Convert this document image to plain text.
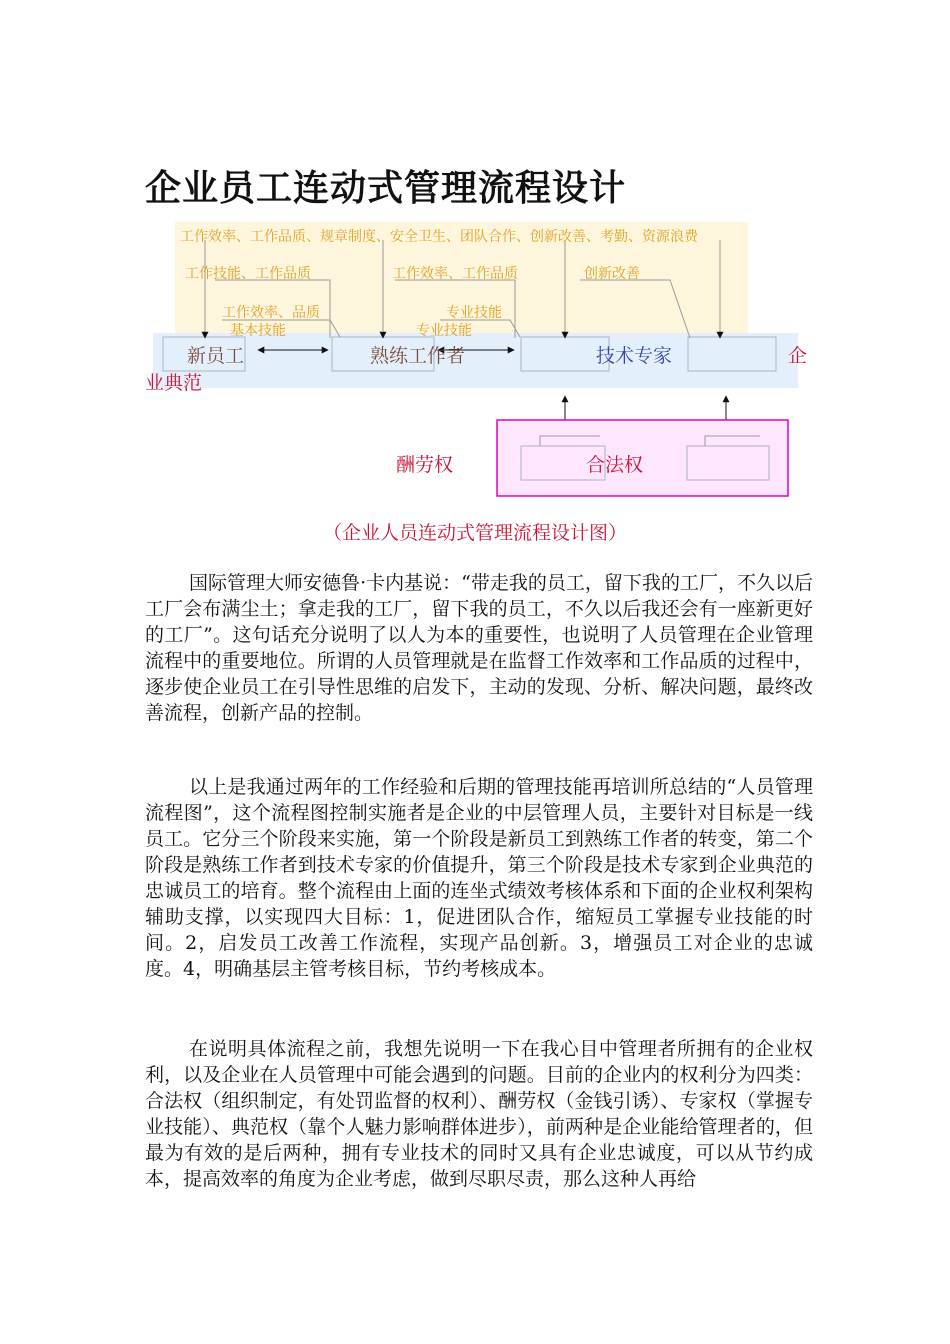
企业员工连动式管理流程设计
工作效率、工作品质、规章制度、安全卫生、团队合作、创新改善、考勤、资源浪费
工作技能、工作品质	工作效率、工作品质	创新改善
工作效率、品质
基本技能
专业技能
专业技能
新员工	熟练工作者	技术专家	企
业典范
酬劳权	合法权
（企业人员连动式管理流程设计图）

国际管理大师安德鲁·卡内基说：“带走我的员工，留下我的工厂，不久以后工厂会布满尘土；拿走我的工厂，留下我的员工，不久以后我还会有一座新更好的工厂”。这句话充分说明了以人为本的重要性，也说明了人员管理在企业管理流程中的重要地位。所谓的人员管理就是在监督工作效率和工作品质的过程中，逐步使企业员工在引导性思维的启发下，主动的发现、分析、解决问题，最终改善流程，创新产品的控制。

以上是我通过两年的工作经验和后期的管理技能再培训所总结的“人员管理流程图”，这个流程图控制实施者是企业的中层管理人员，主要针对目标是一线员工。它分三个阶段来实施，第一个阶段是新员工到熟练工作者的转变，第二个阶段是熟练工作者到技术专家的价值提升，第三个阶段是技术专家到企业典范的忠诚员工的培育。整个流程由上面的连坐式绩效考核体系和下面的企业权利架构辅助支撑，以实现四大目标：1，促进团队合作，缩短员工掌握专业技能的时间。2，启发员工改善工作流程，实现产品创新。3，增强员工对企业的忠诚度。4，明确基层主管考核目标，节约考核成本。

在说明具体流程之前，我想先说明一下在我心目中管理者所拥有的企业权利，以及企业在人员管理中可能会遇到的问题。目前的企业内的权利分为四类：合法权（组织制定，有处罚监督的权利）、酬劳权（金钱引诱）、专家权（掌握专业技能）、典范权（靠个人魅力影响群体进步），前两种是企业能给管理者的，但最为有效的是后两种，拥有专业技术的同时又具有企业忠诚度，可以从节约成本，提高效率的角度为企业考虑，做到尽职尽责，那么这种人再给
